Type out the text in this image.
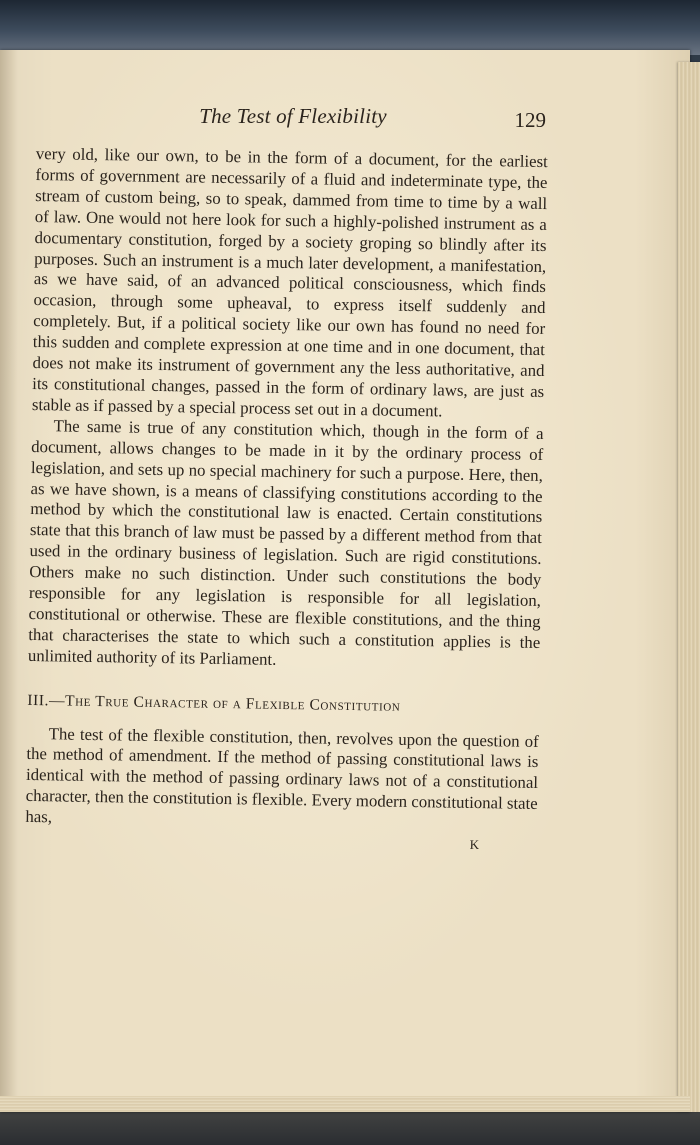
The Test of Flexibility	129

very old, like our own, to be in the form of a document, for the earliest forms of government are necessarily of a fluid and indeterminate type, the stream of custom being, so to speak, dammed from time to time by a wall of law. One would not here look for such a highly-polished instrument as a documentary constitution, forged by a society groping so blindly after its purposes. Such an instrument is a much later development, a manifestation, as we have said, of an advanced political consciousness, which finds occasion, through some upheaval, to express itself suddenly and completely. But, if a political society like our own has found no need for this sudden and complete expression at one time and in one document, that does not make its instrument of government any the less authoritative, and its constitutional changes, passed in the form of ordinary laws, are just as stable as if passed by a special process set out in a document.

The same is true of any constitution which, though in the form of a document, allows changes to be made in it by the ordinary process of legislation, and sets up no special machinery for such a purpose. Here, then, as we have shown, is a means of classifying constitutions according to the method by which the constitutional law is enacted. Certain constitutions state that this branch of law must be passed by a different method from that used in the ordinary business of legislation. Such are rigid constitutions. Others make no such distinction. Under such constitutions the body responsible for any legislation is responsible for all legislation, constitutional or otherwise. These are flexible constitutions, and the thing that characterises the state to which such a constitution applies is the unlimited authority of its Parliament.

III.—The True Character of a Flexible Constitution

The test of the flexible constitution, then, revolves upon the question of the method of amendment. If the method of passing constitutional laws is identical with the method of passing ordinary laws not of a constitutional character, then the constitution is flexible. Every modern constitutional state has,

K
